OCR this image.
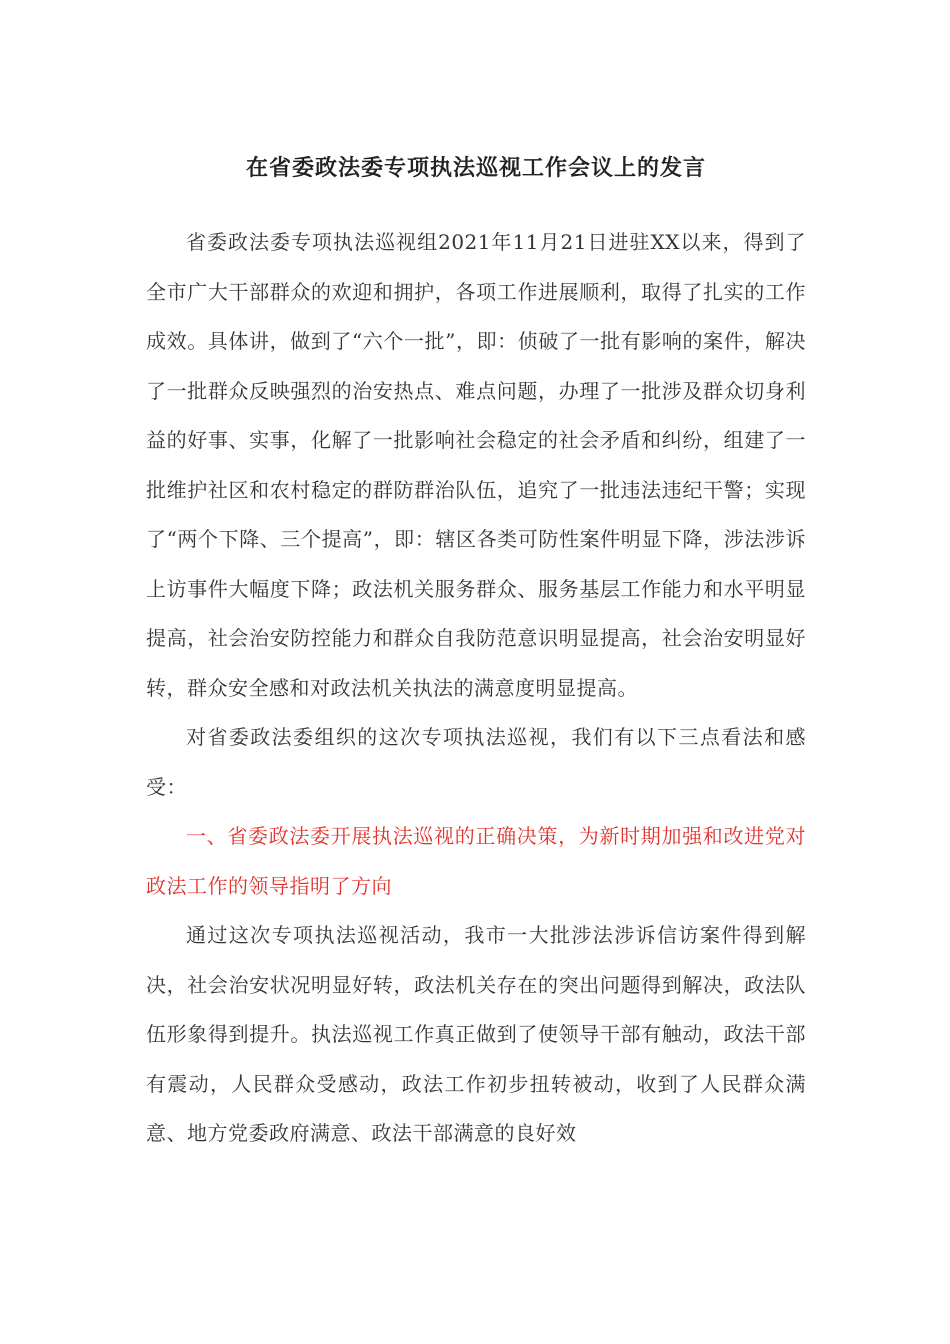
在省委政法委专项执法巡视工作会议上的发言

省委政法委专项执法巡视组2021年11月21日进驻XX以来，得到了全市广大干部群众的欢迎和拥护，各项工作进展顺利，取得了扎实的工作成效。具体讲，做到了“六个一批”，即：侦破了一批有影响的案件，解决了一批群众反映强烈的治安热点、难点问题，办理了一批涉及群众切身利益的好事、实事，化解了一批影响社会稳定的社会矛盾和纠纷，组建了一批维护社区和农村稳定的群防群治队伍，追究了一批违法违纪干警；实现了“两个下降、三个提高”，即：辖区各类可防性案件明显下降，涉法涉诉上访事件大幅度下降；政法机关服务群众、服务基层工作能力和水平明显提高，社会治安防控能力和群众自我防范意识明显提高，社会治安明显好转，群众安全感和对政法机关执法的满意度明显提高。

对省委政法委组织的这次专项执法巡视，我们有以下三点看法和感受：

一、省委政法委开展执法巡视的正确决策，为新时期加强和改进党对政法工作的领导指明了方向

通过这次专项执法巡视活动，我市一大批涉法涉诉信访案件得到解决，社会治安状况明显好转，政法机关存在的突出问题得到解决，政法队伍形象得到提升。执法巡视工作真正做到了使领导干部有触动，政法干部有震动，人民群众受感动，政法工作初步扭转被动，收到了人民群众满意、地方党委政府满意、政法干部满意的良好效
